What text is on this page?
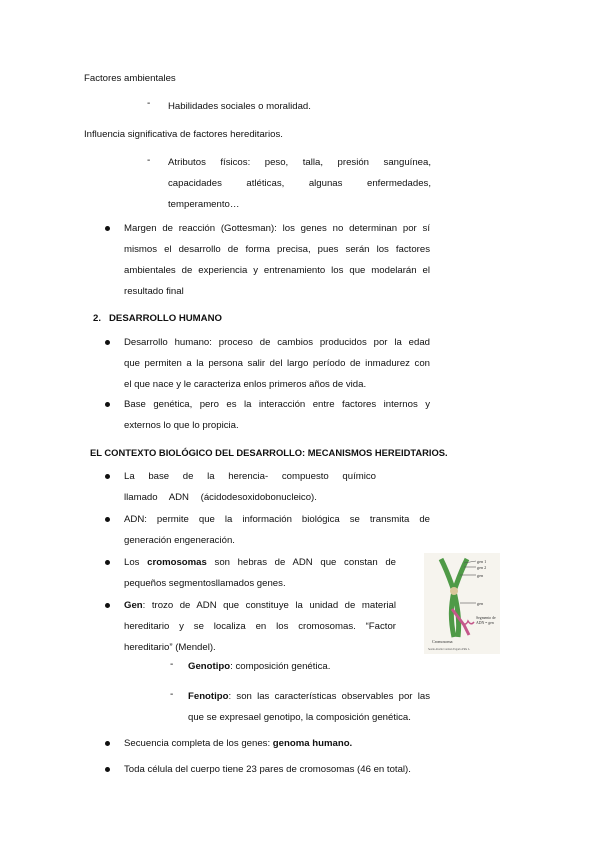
Factores ambientales
- Habilidades sociales o moralidad.
Influencia significativa de factores hereditarios.
- Atributos físicos: peso, talla, presión sanguínea,
capacidades atléticas, algunas enfermedades,
temperamento…
Margen de reacción (Gottesman): los genes no determinan por sí
mismos el desarrollo de forma precisa, pues serán los factores
ambientales de experiencia y entrenamiento los que modelarán el
resultado final
2.   DESARROLLO HUMANO
Desarrollo humano: proceso de cambios producidos por la edad
que permiten a la persona salir del largo período de inmadurez con
el que nace y le caracteriza enlos primeros años de vida.
Base genética, pero es la interacción entre factores internos y
externos lo que lo propicia.
EL CONTEXTO BIOLÓGICO DEL DESARROLLO: MECANISMOS HEREIDTARIOS.
La base de la herencia- compuesto químico
llamado ADN (ácidodesoxidobonucleico).
ADN: permite que la información biológica se transmita de
generación engeneración.
Los cromosomas son hebras de ADN que constan de
pequeños segmentosllamados genes.
Gen: trozo de ADN que constituye la unidad de material
hereditario y se localiza en los cromosomas. “Factor
hereditario” (Mendel).
- Genotipo: composición genética.
- Fenotipo: son las características observables por las
que se expresael genotipo, la composición genética.
Secuencia completa de los genes: genoma humano.
Toda célula del cuerpo tiene 23 pares de cromosomas (46 en total).
gen 1
gen 2
gen
gen
Segmento de
ADN = gen
Cromosoma
Seatle Abelle Carmen Esgaria Piña L.
